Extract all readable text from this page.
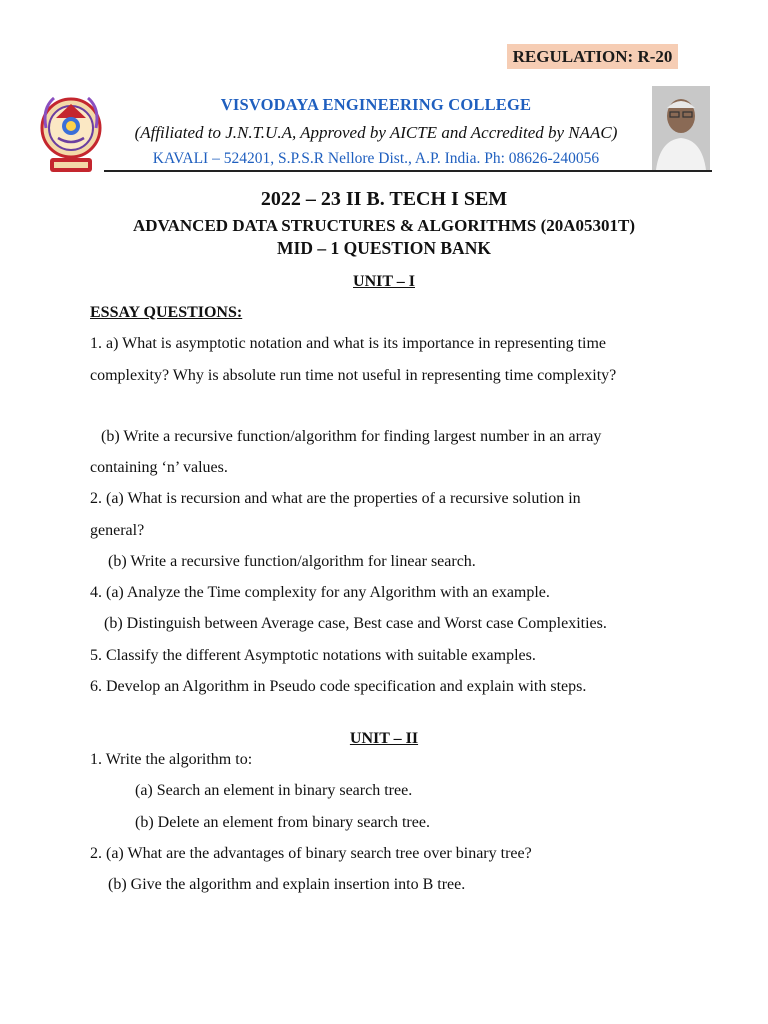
REGULATION: R-20
VISVODAYA ENGINEERING COLLEGE
(Affiliated to J.N.T.U.A, Approved by AICTE and Accredited by NAAC)
KAVALI – 524201, S.P.S.R Nellore Dist., A.P. India. Ph: 08626-240056
2022 – 23 II B. TECH I SEM
ADVANCED DATA STRUCTURES & ALGORITHMS (20A05301T)
MID – 1 QUESTION BANK
UNIT – I
ESSAY QUESTIONS:
1. a) What is asymptotic notation and what is its importance in representing time
complexity? Why is absolute run time not useful in representing time complexity?
(b) Write a recursive function/algorithm for finding largest number in an array
containing ‘n’ values.
2. (a) What is recursion and what are the properties of a recursive solution in
general?
(b) Write a recursive function/algorithm for linear search.
4. (a) Analyze the Time complexity for any Algorithm with an example.
(b) Distinguish between Average case, Best case and Worst case Complexities.
5. Classify the different Asymptotic notations with suitable examples.
6. Develop an Algorithm in Pseudo code specification and explain with steps.
UNIT – II
1. Write the algorithm to:
(a) Search an element in binary search tree.
(b) Delete an element from binary search tree.
2. (a) What are the advantages of binary search tree over binary tree?
(b) Give the algorithm and explain insertion into B tree.
